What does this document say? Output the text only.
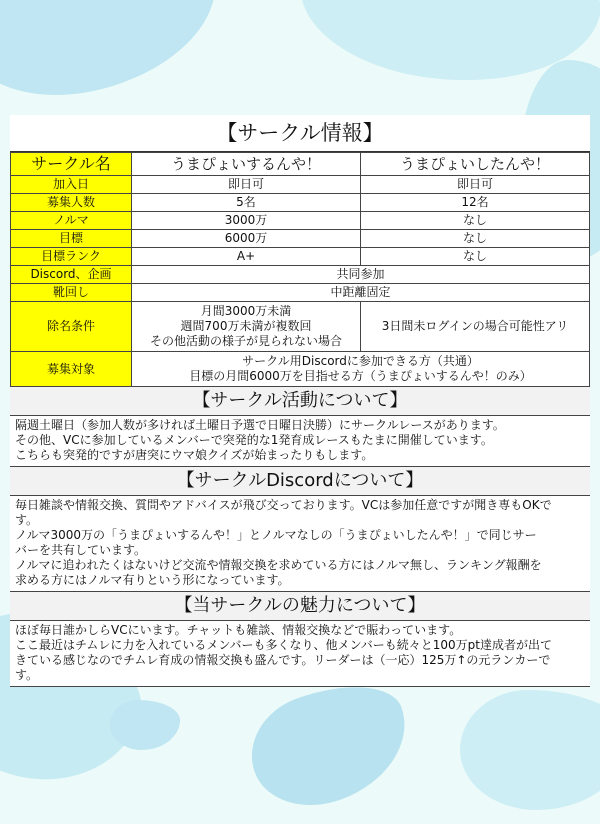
【サークル情報】
サークル名	うまぴょいするんや！	うまぴょいしたんや！
加入日	即日可	即日可
募集人数	5名	12名
ノルマ	3000万	なし
目標	6000万	なし
目標ランク	A+	なし
Discord、企画	共同参加	
靴回し	中距離固定	
除名条件	月間3000万未満
週間700万未満が複数回
その他活動の様子が見られない場合	3日間未ログインの場合可能性アリ
募集対象	サークル用Discordに参加できる方（共通）
目標の月間6000万を目指せる方（うまぴょいするんや！のみ）	
【サークル活動について】
隔週土曜日（参加人数が多ければ土曜日予選で日曜日決勝）にサークルレースがあります。
その他、VCに参加しているメンバーで突発的な1発育成レースもたまに開催しています。
こちらも突発的ですが唐突にウマ娘クイズが始まったりもします。
【サークルDiscordについて】
毎日雑談や情報交換、質問やアドバイスが飛び交っております。VCは参加任意ですが聞き専もOKで
す。
ノルマ3000万の「うまぴょいするんや！」とノルマなしの「うまぴょいしたんや！」で同じサー
バーを共有しています。
ノルマに追われたくはないけど交流や情報交換を求めている方にはノルマ無し、ランキング報酬を
求める方にはノルマ有りという形になっています。
【当サークルの魅力について】
ほぼ毎日誰かしらVCにいます。チャットも雑談、情報交換などで賑わっています。
ここ最近はチムレに力を入れているメンバーも多くなり、他メンバーも続々と100万pt達成者が出て
きている感じなのでチムレ育成の情報交換も盛んです。リーダーは（一応）125万↑の元ランカーで
す。
